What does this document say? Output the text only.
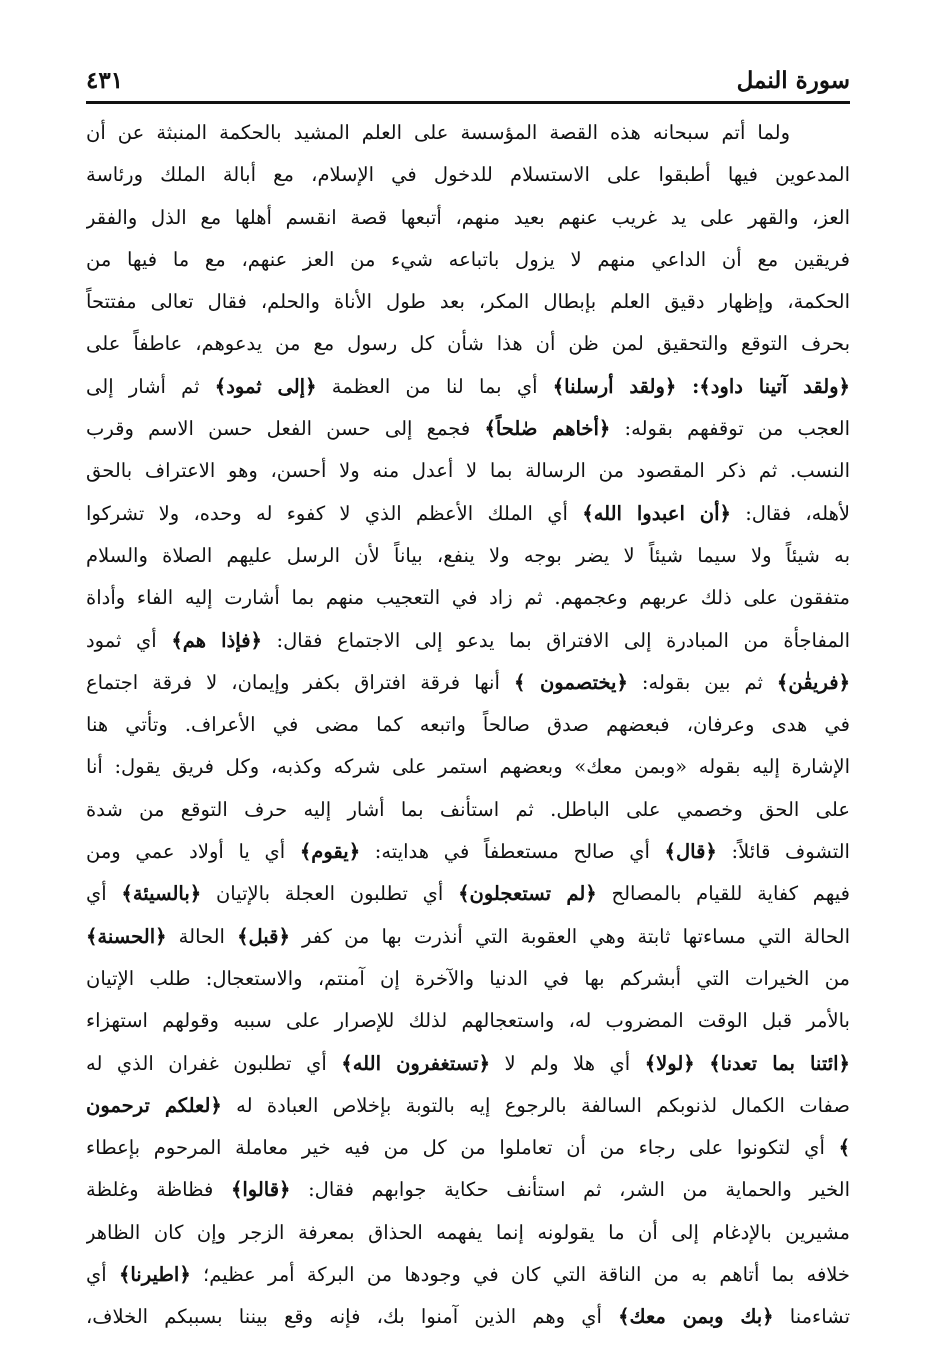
سورة النمل
٤٣١
ولما أتم سبحانه هذه القصة المؤسسة على العلم المشيد بالحكمة المنبثة عن أن
المدعوين فيها أطبقوا على الاستسلام للدخول في الإسلام، مع أبالة الملك ورئاسة
العز، والقهر على يد غريب عنهم بعيد منهم، أتبعها قصة انقسم أهلها مع الذل والفقر
فريقين مع أن الداعي منهم لا يزول باتباعه شيء من العز عنهم، مع ما فيها من
الحكمة، وإظهار دقيق العلم بإبطال المكر، بعد طول الأناة والحلم، فقال تعالى مفتتحاً
بحرف التوقع والتحقيق لمن ظن أن هذا شأن كل رسول مع من يدعوهم، عاطفاً على
﴿ولقد آتينا داود﴾: ﴿ولقد أرسلنا﴾ أي بما لنا من العظمة ﴿إلى ثمود﴾ ثم أشار إلى
العجب من توقفهم بقوله: ﴿أخاهم صٰلحاً﴾ فجمع إلى حسن الفعل حسن الاسم وقرب
النسب. ثم ذكر المقصود من الرسالة بما لا أعدل منه ولا أحسن، وهو الاعتراف بالحق
لأهله، فقال: ﴿أن اعبدوا الله﴾ أي الملك الأعظم الذي لا كفوء له وحده، ولا تشركوا
به شيئاً ولا سيما شيئاً لا يضر بوجه ولا ينفع، بياناً لأن الرسل عليهم الصلاة والسلام
متفقون على ذلك عربهم وعجمهم. ثم زاد في التعجيب منهم بما أشارت إليه الفاء وأداة
المفاجأة من المبادرة إلى الافتراق بما يدعو إلى الاجتماع فقال: ﴿فإذا هم﴾ أي ثمود
﴿فريقٰن﴾ ثم بين بقوله: ﴿يختصمون ﴾ أنها فرقة افتراق بكفر وإيمان، لا فرقة اجتماع
في هدى وعرفان، فبعضهم صدق صالحاً واتبعه كما مضى في الأعراف. وتأتي هنا
الإشارة إليه بقوله «وبمن معك» وبعضهم استمر على شركه وكذبه، وكل فريق يقول: أنا
على الحق وخصمي على الباطل. ثم استأنف بما أشار إليه حرف التوقع من شدة
التشوف قائلاً: ﴿قال﴾ أي صالح مستعطفاً في هدايته: ﴿يقوم﴾ أي يا أولاد عمي ومن
فيهم كفاية للقيام بالمصالح ﴿لم تستعجلون﴾ أي تطلبون العجلة بالإتيان ﴿بالسيئة﴾ أي
الحالة التي مساءتها ثابتة وهي العقوبة التي أنذرت بها من كفر ﴿قبل﴾ الحالة ﴿الحسنة﴾
من الخيرات التي أبشركم بها في الدنيا والآخرة إن آمنتم، والاستعجال: طلب الإتيان
بالأمر قبل الوقت المضروب له، واستعجالهم لذلك للإصرار على سببه وقولهم استهزاء
﴿ائتنا بما تعدنا﴾ ﴿لولا﴾ أي هلا ولم لا ﴿تستغفرون الله﴾ أي تطلبون غفران الذي له
صفات الكمال لذنوبكم السالفة بالرجوع إيه بالتوبة بإخلاص العبادة له ﴿لعلكم ترحمون
﴾ أي لتكونوا على رجاء من أن تعاملوا من كل من فيه خير معاملة المرحوم بإعطاء
الخير والحماية من الشر، ثم استأنف حكاية جوابهم فقال: ﴿قالوا﴾ فظاظة وغلظة
مشيرين بالإدغام إلى أن ما يقولونه إنما يفهمه الحذاق بمعرفة الزجر وإن كان الظاهر
خلافه بما أتاهم به من الناقة التي كان في وجودها من البركة أمر عظيم؛ ﴿اطيرنا﴾ أي
تشاءمنا ﴿بك وبمن معك﴾ أي وهم الذين آمنوا بك، فإنه وقع بيننا بسببكم الخلاف،
